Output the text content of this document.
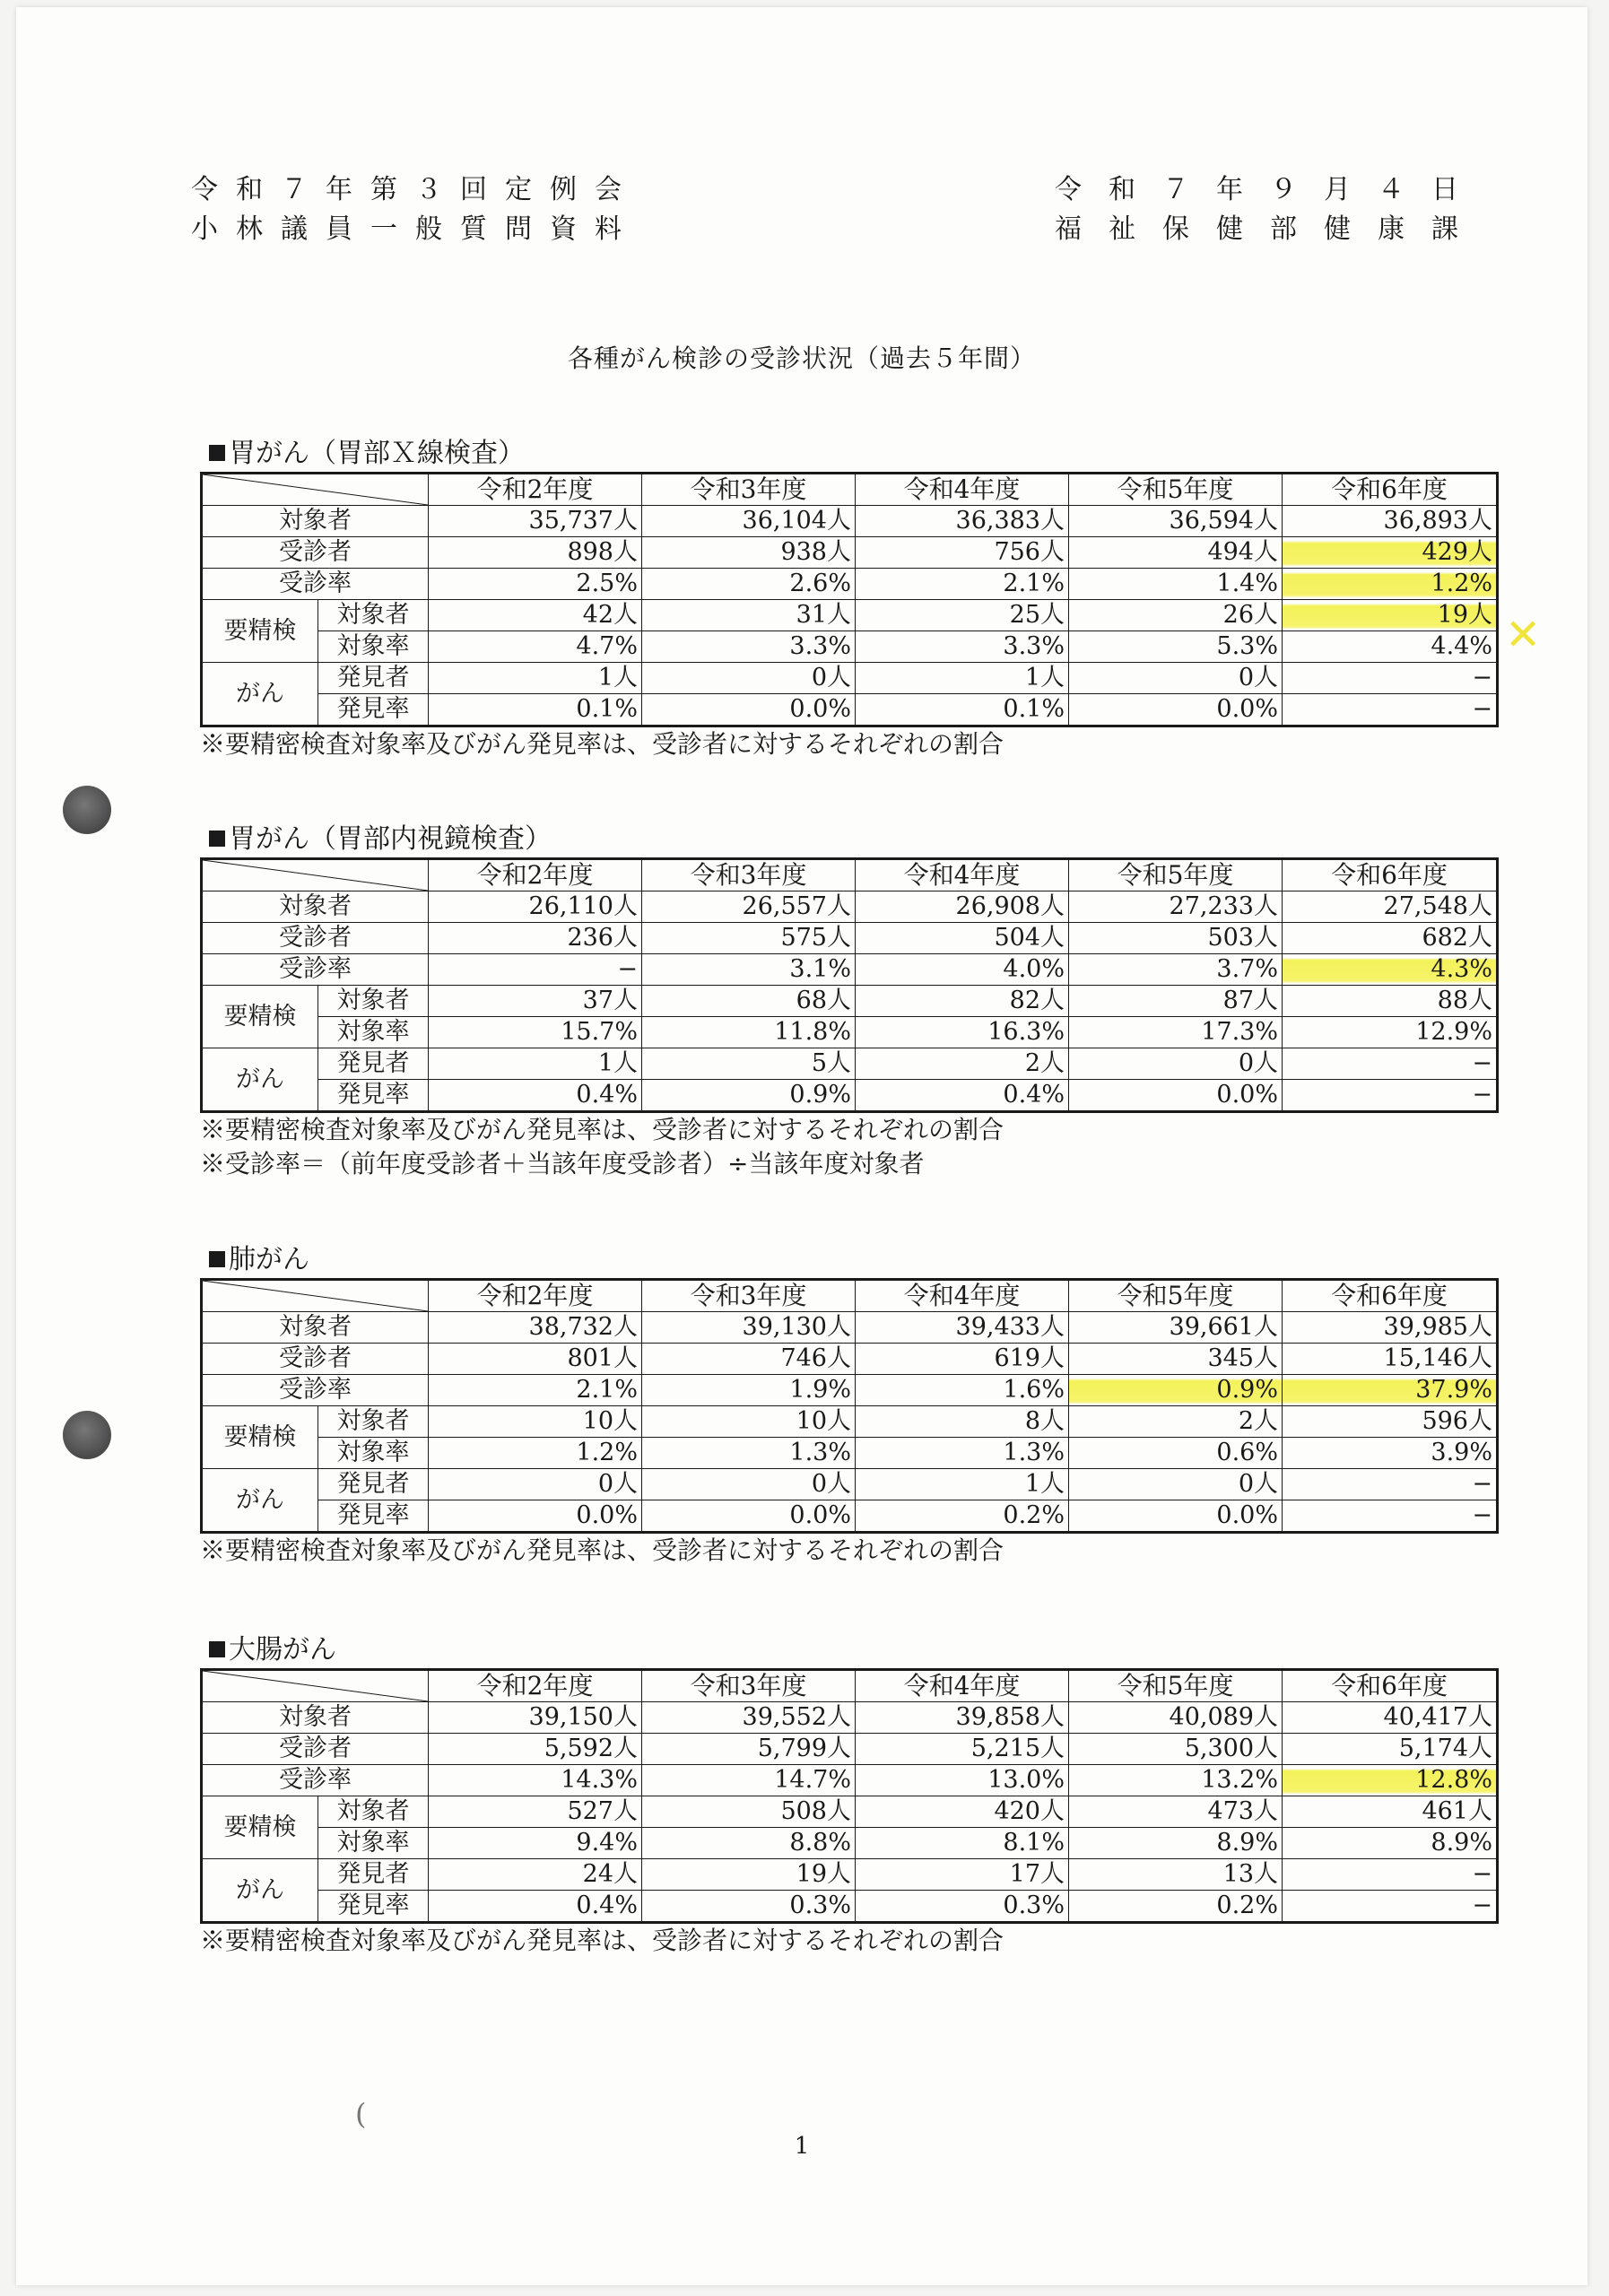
令和７年第３回定例会
小林議員一般質問資料
令和７年９月４日
福祉保健部健康課
各種がん検診の受診状況（過去５年間）
胃がん（胃部Ｘ線検査）
	令和2年度	令和3年度	令和4年度	令和5年度	令和6年度
対象者		35,737人	36,104人	36,383人	36,594人	36,893人
受診者		898人	938人	756人	494人	429人
受診率		2.5%	2.6%	2.1%	1.4%	1.2%
要精検	対象者	42人	31人	25人	26人	19人
	対象率	4.7%	3.3%	3.3%	5.3%	4.4%
がん	発見者	1人	0人	1人	0人	−
	発見率	0.1%	0.0%	0.1%	0.0%	−
※要精密検査対象率及びがん発見率は、受診者に対するそれぞれの割合
胃がん（胃部内視鏡検査）
	令和2年度	令和3年度	令和4年度	令和5年度	令和6年度
対象者		26,110人	26,557人	26,908人	27,233人	27,548人
受診者		236人	575人	504人	503人	682人
受診率		−	3.1%	4.0%	3.7%	4.3%
要精検	対象者	37人	68人	82人	87人	88人
	対象率	15.7%	11.8%	16.3%	17.3%	12.9%
がん	発見者	1人	5人	2人	0人	−
	発見率	0.4%	0.9%	0.4%	0.0%	−
※要精密検査対象率及びがん発見率は、受診者に対するそれぞれの割合
※受診率＝（前年度受診者＋当該年度受診者）÷当該年度対象者
肺がん
	令和2年度	令和3年度	令和4年度	令和5年度	令和6年度
対象者		38,732人	39,130人	39,433人	39,661人	39,985人
受診者		801人	746人	619人	345人	15,146人
受診率		2.1%	1.9%	1.6%	0.9%	37.9%
要精検	対象者	10人	10人	8人	2人	596人
	対象率	1.2%	1.3%	1.3%	0.6%	3.9%
がん	発見者	0人	0人	1人	0人	−
	発見率	0.0%	0.0%	0.2%	0.0%	−
※要精密検査対象率及びがん発見率は、受診者に対するそれぞれの割合
大腸がん
	令和2年度	令和3年度	令和4年度	令和5年度	令和6年度
対象者		39,150人	39,552人	39,858人	40,089人	40,417人
受診者		5,592人	5,799人	5,215人	5,300人	5,174人
受診率		14.3%	14.7%	13.0%	13.2%	12.8%
要精検	対象者	527人	508人	420人	473人	461人
	対象率	9.4%	8.8%	8.1%	8.9%	8.9%
がん	発見者	24人	19人	17人	13人	−
	発見率	0.4%	0.3%	0.3%	0.2%	−
※要精密検査対象率及びがん発見率は、受診者に対するそれぞれの割合
✕
(
1
